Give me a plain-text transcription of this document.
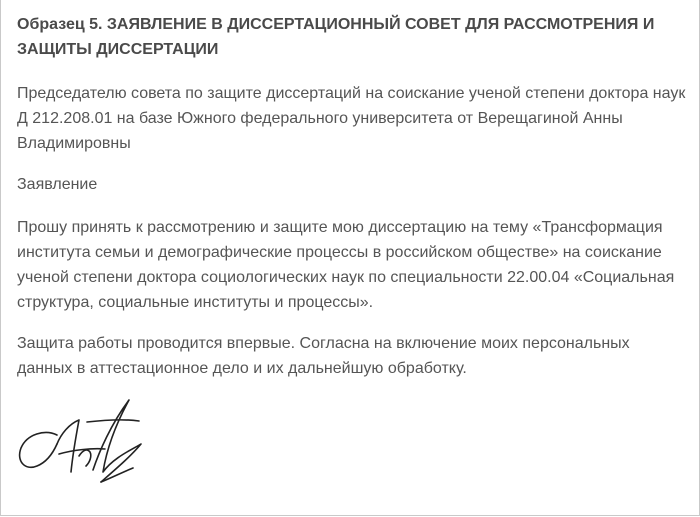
Образец 5. ЗАЯВЛЕНИЕ В ДИССЕРТАЦИОННЫЙ СОВЕТ ДЛЯ РАССМОТРЕНИЯ И ЗАЩИТЫ ДИССЕРТАЦИИ

Председателю совета по защите диссертаций на соискание ученой степени доктора наук Д 212.208.01 на базе Южного федерального университета от Верещагиной Анны Владимировны

Заявление

Прошу принять к рассмотрению и защите мою диссертацию на тему «Трансформация института семьи и демографические процессы в российском обществе» на соискание ученой степени доктора социологических наук по специальности 22.00.04 «Социальная структура, социальные институты и процессы».

Защита работы проводится впервые. Согласна на включение моих персональных данных в аттестационное дело и их дальнейшую обработку.
